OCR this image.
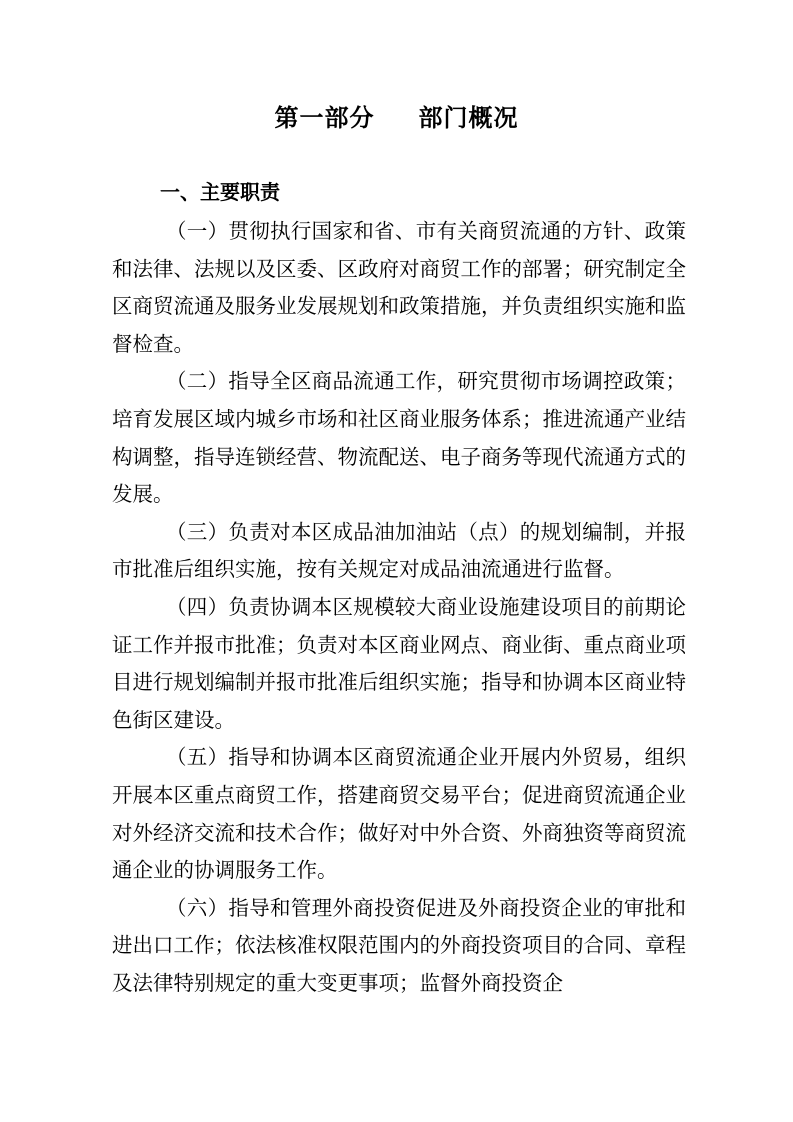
第一部分 部门概况
一、主要职责

（一）贯彻执行国家和省、市有关商贸流通的方针、政策和法律、法规以及区委、区政府对商贸工作的部署；研究制定全区商贸流通及服务业发展规划和政策措施，并负责组织实施和监督检查。

（二）指导全区商品流通工作，研究贯彻市场调控政策；培育发展区域内城乡市场和社区商业服务体系；推进流通产业结构调整，指导连锁经营、物流配送、电子商务等现代流通方式的发展。

（三）负责对本区成品油加油站（点）的规划编制，并报市批准后组织实施，按有关规定对成品油流通进行监督。

（四）负责协调本区规模较大商业设施建设项目的前期论证工作并报市批准；负责对本区商业网点、商业街、重点商业项目进行规划编制并报市批准后组织实施；指导和协调本区商业特色街区建设。

（五）指导和协调本区商贸流通企业开展内外贸易，组织开展本区重点商贸工作，搭建商贸交易平台；促进商贸流通企业对外经济交流和技术合作；做好对中外合资、外商独资等商贸流通企业的协调服务工作。

（六）指导和管理外商投资促进及外商投资企业的审批和进出口工作；依法核准权限范围内的外商投资项目的合同、章程及法律特别规定的重大变更事项；监督外商投资企
